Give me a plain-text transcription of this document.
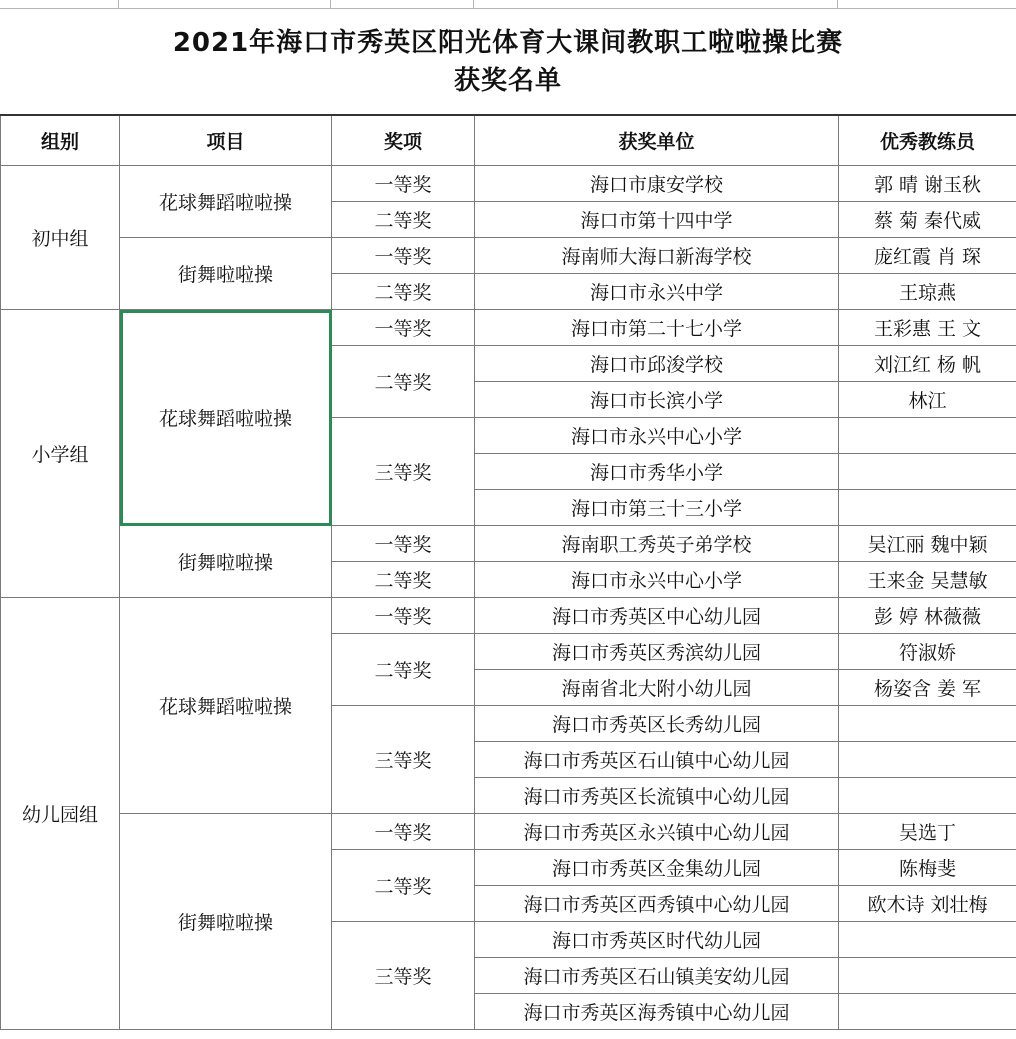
2021年海口市秀英区阳光体育大课间教职工啦啦操比赛
获奖名单
组别	项目	奖项	获奖单位	优秀教练员
初中组	花球舞蹈啦啦操	一等奖	海口市康安学校	郭 晴 谢玉秋
		二等奖	海口市第十四中学	蔡 菊 秦代威
	街舞啦啦操	一等奖	海南师大海口新海学校	庞红霞 肖 琛
		二等奖	海口市永兴中学	王琼燕
小学组	花球舞蹈啦啦操	一等奖	海口市第二十七小学	王彩惠 王 文
		二等奖	海口市邱浚学校	刘江红 杨 帆
			海口市长滨小学	林江
		三等奖	海口市永兴中心小学	
			海口市秀华小学	
			海口市第三十三小学	
	街舞啦啦操	一等奖	海南职工秀英子弟学校	吴江丽 魏中颖
		二等奖	海口市永兴中心小学	王来金 吴慧敏
幼儿园组	花球舞蹈啦啦操	一等奖	海口市秀英区中心幼儿园	彭 婷 林薇薇
		二等奖	海口市秀英区秀滨幼儿园	符淑娇
			海南省北大附小幼儿园	杨姿含 姜 军
		三等奖	海口市秀英区长秀幼儿园	
			海口市秀英区石山镇中心幼儿园	
			海口市秀英区长流镇中心幼儿园	
	街舞啦啦操	一等奖	海口市秀英区永兴镇中心幼儿园	吴选丁
		二等奖	海口市秀英区金集幼儿园	陈梅斐
			海口市秀英区西秀镇中心幼儿园	欧木诗 刘壮梅
		三等奖	海口市秀英区时代幼儿园	
			海口市秀英区石山镇美安幼儿园	
			海口市秀英区海秀镇中心幼儿园	
